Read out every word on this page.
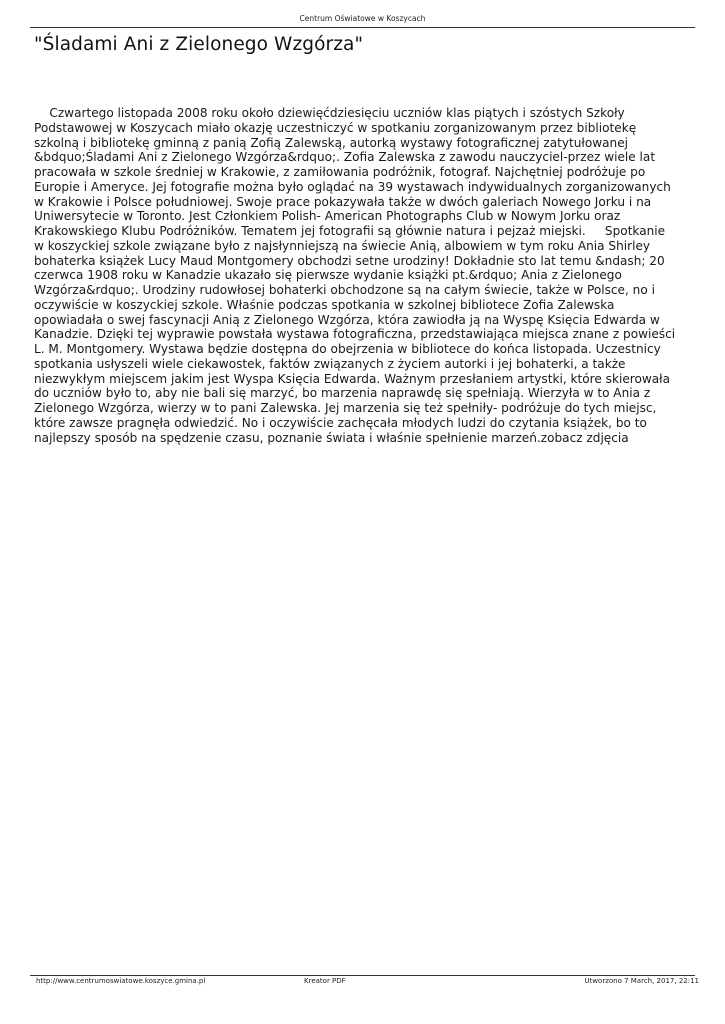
Centrum Oświatowe w Koszycach
"Śladami Ani z Zielonego Wzgórza"

Czwartego listopada 2008 roku około dziewięćdziesięciu uczniów klas piątych i szóstych Szkoły
Podstawowej w Koszycach miało okazję uczestniczyć w spotkaniu zorganizowanym przez bibliotekę
szkolną i bibliotekę gminną z panią Zofią Zalewską, autorką wystawy fotograficznej zatytułowanej
&bdquo;Śladami Ani z Zielonego Wzgórza&rdquo;. Zofia Zalewska z zawodu nauczyciel-przez wiele lat
pracowała w szkole średniej w Krakowie, z zamiłowania podróżnik, fotograf. Najchętniej podróżuje po
Europie i Ameryce. Jej fotografie można było oglądać na 39 wystawach indywidualnych zorganizowanych
w Krakowie i Polsce południowej. Swoje prace pokazywała także w dwóch galeriach Nowego Jorku i na
Uniwersytecie w Toronto. Jest Członkiem Polish- American Photographs Club w Nowym Jorku oraz
Krakowskiego Klubu Podróżników. Tematem jej fotografii są głównie natura i pejzaż miejski.     Spotkanie
w koszyckiej szkole związane było z najsłynniejszą na świecie Anią, albowiem w tym roku Ania Shirley
bohaterka książek Lucy Maud Montgomery obchodzi setne urodziny! Dokładnie sto lat temu &ndash; 20
czerwca 1908 roku w Kanadzie ukazało się pierwsze wydanie książki pt.&rdquo; Ania z Zielonego
Wzgórza&rdquo;. Urodziny rudowłosej bohaterki obchodzone są na całym świecie, także w Polsce, no i
oczywiście w koszyckiej szkole. Właśnie podczas spotkania w szkolnej bibliotece Zofia Zalewska
opowiadała o swej fascynacji Anią z Zielonego Wzgórza, która zawiodła ją na Wyspę Księcia Edwarda w
Kanadzie. Dzięki tej wyprawie powstała wystawa fotograficzna, przedstawiająca miejsca znane z powieści
L. M. Montgomery. Wystawa będzie dostępna do obejrzenia w bibliotece do końca listopada. Uczestnicy
spotkania usłyszeli wiele ciekawostek, faktów związanych z życiem autorki i jej bohaterki, a także
niezwykłym miejscem jakim jest Wyspa Księcia Edwarda. Ważnym przesłaniem artystki, które skierowała
do uczniów było to, aby nie bali się marzyć, bo marzenia naprawdę się spełniają. Wierzyła w to Ania z
Zielonego Wzgórza, wierzy w to pani Zalewska. Jej marzenia się też spełniły- podróżuje do tych miejsc,
które zawsze pragnęła odwiedzić. No i oczywiście zachęcała młodych ludzi do czytania książek, bo to
najlepszy sposób na spędzenie czasu, poznanie świata i właśnie spełnienie marzeń.zobacz zdjęcia

http://www.centrumoswiatowe.koszyce.gmina.pl	Kreator PDF	Utworzono 7 March, 2017, 22:11
